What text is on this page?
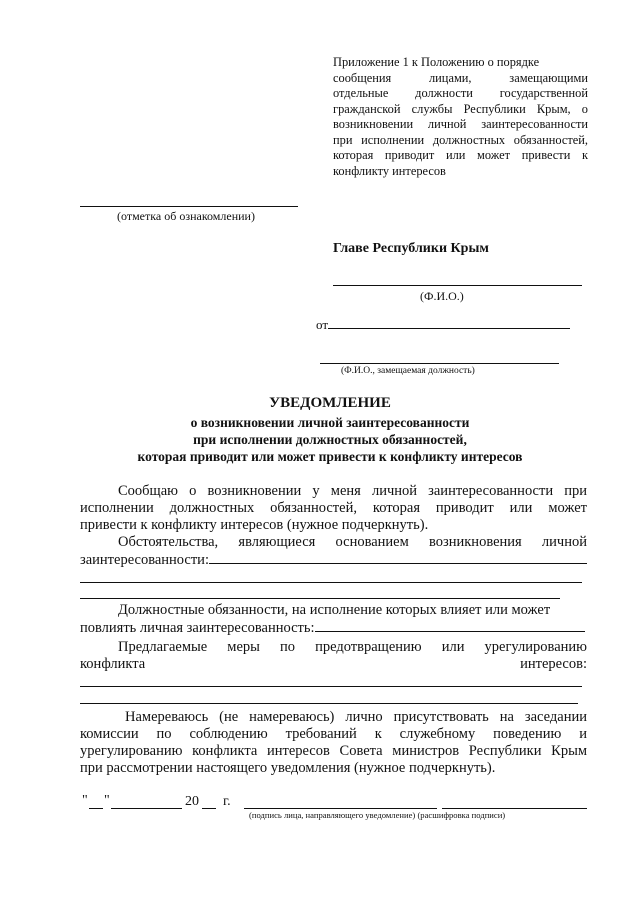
Приложение 1 к Положению о порядке
сообщения лицами, замещающими
отдельные должности государственной
гражданской службы Республики Крым, о
возникновении личной заинтересованности
при исполнении должностных обязанностей,
которая приводит или может привести к
конфликту интересов
(отметка об ознакомлении)
Главе Республики Крым
(Ф.И.О.)
от
(Ф.И.О., замещаемая должность)
УВЕДОМЛЕНИЕ
о возникновении личной заинтересованности
при исполнении должностных обязанностей,
которая приводит или может привести к конфликту интересов
Сообщаю о возникновении у меня личной заинтересованности при
исполнении должностных обязанностей, которая приводит или может
привести к конфликту интересов (нужное подчеркнуть).
Обстоятельства, являющиеся основанием возникновения личной
заинтересованности:
Должностные обязанности, на исполнение которых влияет или может
повлиять личная заинтересованность:
Предлагаемые меры по предотвращению или урегулированию
конфликта	интересов:
Намереваюсь (не намереваюсь) лично присутствовать на заседании
комиссии по соблюдению требований к служебному поведению и
урегулированию конфликта интересов Совета министров Республики Крым
при рассмотрении настоящего уведомления (нужное подчеркнуть).
" "	20 г.
(подпись лица, направляющего уведомление) (расшифровка подписи)
